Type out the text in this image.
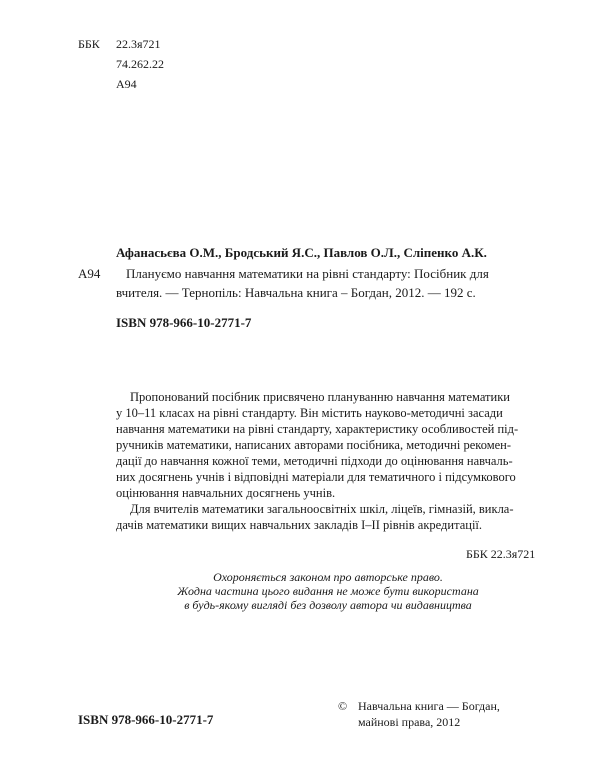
ББК 22.3я721
74.262.22
A94
Афанасьєва О.М., Бродський Я.С., Павлов О.Л., Сліпенко А.К.
A94 Плануємо навчання математики на рівні стандарту: Посібник для
вчителя. — Тернопіль: Навчальна книга – Богдан, 2012. — 192 с.
ISBN 978-966-10-2771-7
Пропонований посібник присвячено плануванню навчання математики
у 10–11 класах на рівні стандарту. Він містить науково-методичні засади
навчання математики на рівні стандарту, характеристику особливостей під-
ручників математики, написаних авторами посібника, методичні рекомен-
дації до навчання кожної теми, методичні підходи до оцінювання навчаль-
них досягнень учнів і відповідні матеріали для тематичного і підсумкового
оцінювання навчальних досягнень учнів.
Для вчителів математики загальноосвітніх шкіл, ліцеїв, гімназій, викла-
дачів математики вищих навчальних закладів I–II рівнів акредитації.
ББК 22.3я721
Охороняється законом про авторське право.
Жодна частина цього видання не може бути використана
в будь-якому вигляді без дозволу автора чи видавництва
ISBN 978-966-10-2771-7
© Навчальна книга — Богдан,
майнові права, 2012
